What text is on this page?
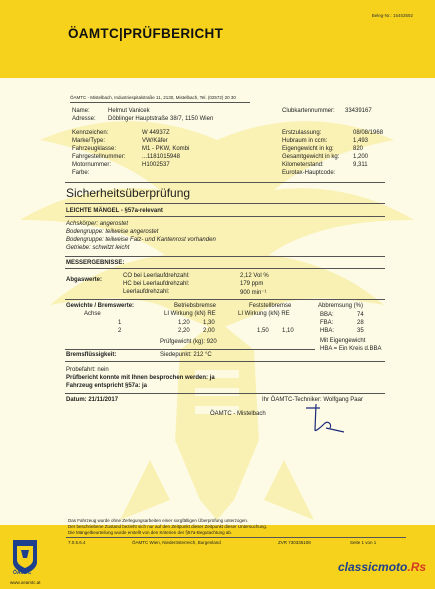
ÖAMTC|PRÜFBERICHT
Beleg-Nr.: 15453592
ÖAMTC - Mistelbach, Industriespitalstraße 11, 2130, Mistelbach, Tel. (02572) 20 30
Name:	Helmut Vanicek
Adresse: Döblinger Hauptstraße 38/7, 1150 Wien
Clubkartennummer: 33439167
Kennzeichen:	W 44937Z
Marke/Type:	VW/Käfer
Fahrzeugklasse:	M1 - PKW, Kombi
Fahrgestellnummer:	...1181015948
Motornummer:	H1002537
Farbe:
Erstzulassung:	08/08/1968
Hubraum in ccm:	1,493
Eigengewicht in kg:	820
Gesamtgewicht in kg: 1,200
Kilometerstand:	9,311
Eurotax-Hauptcode:
Sicherheitsüberprüfung
LEICHTE MÄNGEL - §57a-relevant
Achskörper: angerostet
Bodengruppe: teilweise angerostet
Bodengruppe: teilweise Falz- und Kantenrost vorhanden
Getriebe: schwitzt leicht
MESSERGEBNISSE:
Abgaswerte:
CO bei Leerlaufdrehzahl:	2,12 Vol %
HC bei Leerlaufdrehzahl:	179 ppm
Leerlaufdrehzahl:	900 min⁻¹
Gewichte / Bremswerte:
Achse
Betriebsbremse
LI Wirkung (kN) RE
Feststellbremse
LI Wirkung (kN) RE
Abbremsung (%)
1	1,20 1,30
2	2,20 2,00	1,50 1,10
BBA:	74
FBA:	28
HBA:	35
Prüfgewicht (kg): 920	Mit Eigengewicht
HBA = Ein Kreis d.BBA
Bremsflüssigkeit:	Siedepunkt: 212 °C
Probefahrt: nein
Prüfbericht konnte mit Ihnen besprochen werden: ja
Fahrzeug entspricht §57a: ja
Datum: 21/11/2017	Ihr ÖAMTC-Techniker: Wolfgang Paar
ÖAMTC - Mistelbach
Das Fahrzeug wurde ohne Zerlegungsarbeiten einer sorgfältigen Überprüfung unterzogen.
Der beschriebene Zustand bezieht sich nur auf den Zeitpunkt dieser Zeitpunkt dieser Untersuchung.
Die Mängelbeurteilung wurde erstellt von den Kriterien der §57a-Begutachtung ab.
7.0.5.6.4	ÖAMTC Wien, Niederösterreich, Burgenland	ZVR 730335108	Seite 1 von 1
ÖAMTC
www.oeamtc.at
classicmoto.Rs
